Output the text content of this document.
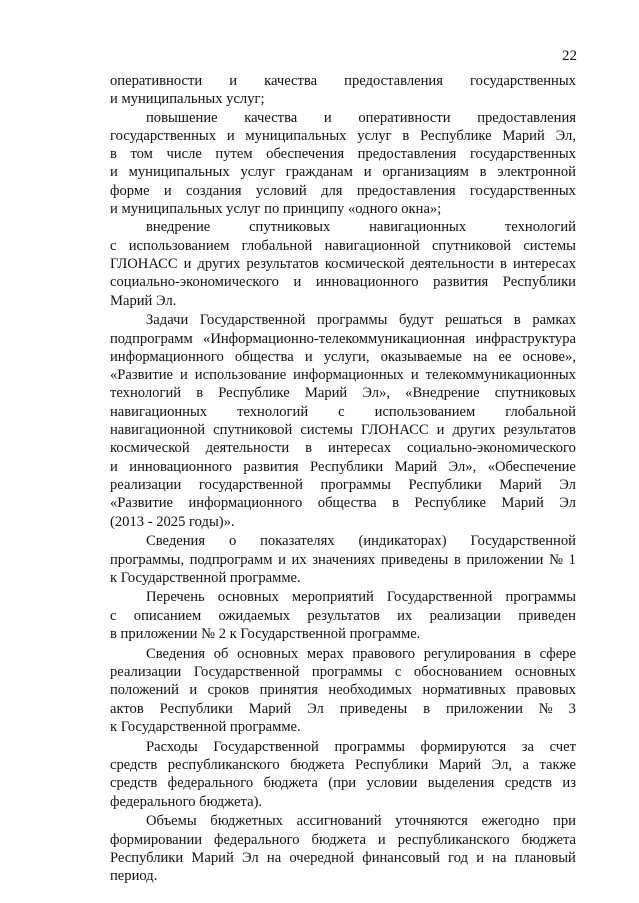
22
оперативности и качества предоставления государственных
и муниципальных услуг;
повышение качества и оперативности предоставления
государственных и муниципальных услуг в Республике Марий Эл,
в том числе путем обеспечения предоставления государственных
и муниципальных услуг гражданам и организациям в электронной
форме и создания условий для предоставления государственных
и муниципальных услуг по принципу «одного окна»;
внедрение	спутниковых	навигационных	технологий
с использованием глобальной навигационной спутниковой системы
ГЛОНАСС и других результатов космической деятельности в интересах
социально-экономического и инновационного развития Республики
Марий Эл.
Задачи Государственной программы будут решаться в рамках
подпрограмм «Информационно-телекоммуникационная инфраструктура
информационного общества и услуги, оказываемые на ее основе»,
«Развитие и использование информационных и телекоммуникационных
технологий в Республике Марий Эл», «Внедрение спутниковых
навигационных технологий с использованием глобальной
навигационной спутниковой системы ГЛОНАСС и других результатов
космической деятельности в интересах социально-экономического
и инновационного развития Республики Марий Эл», «Обеспечение
реализации государственной программы Республики Марий Эл
«Развитие информационного общества в Республике Марий Эл
(2013 - 2025 годы)».
Сведения о показателях (индикаторах) Государственной
программы, подпрограмм и их значениях приведены в приложении № 1
к Государственной программе.
Перечень основных мероприятий Государственной программы
с описанием ожидаемых результатов их реализации приведен
в приложении № 2 к Государственной программе.
Сведения об основных мерах правового регулирования в сфере
реализации Государственной программы с обоснованием основных
положений и сроков принятия необходимых нормативных правовых
актов Республики Марий Эл приведены в приложении № 3
к Государственной программе.
Расходы Государственной программы формируются за счет
средств республиканского бюджета Республики Марий Эл, а также
средств федерального бюджета (при условии выделения средств из
федерального бюджета).
Объемы бюджетных ассигнований уточняются ежегодно при
формировании федерального бюджета и республиканского бюджета
Республики Марий Эл на очередной финансовый год и на плановый
период.
